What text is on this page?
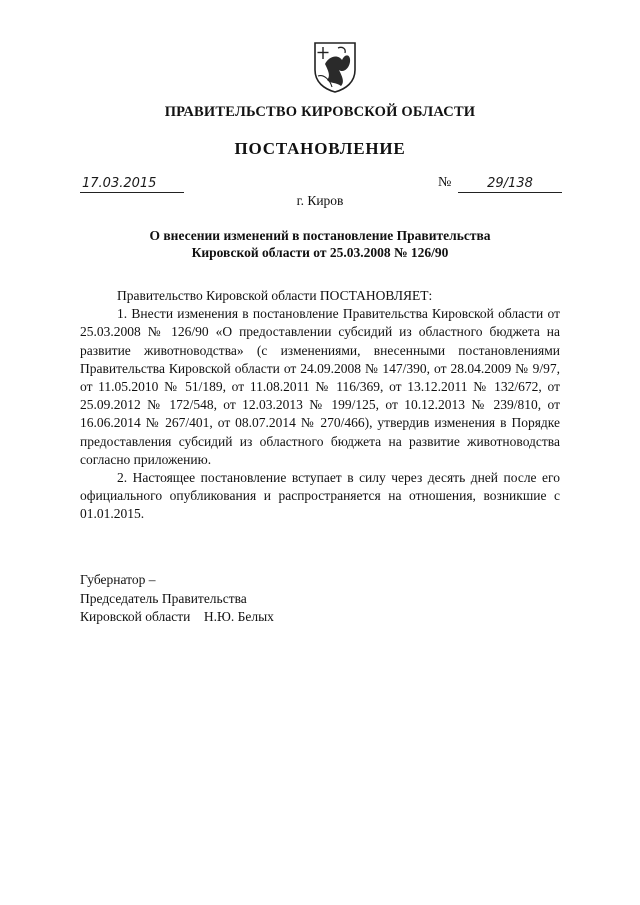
ПРАВИТЕЛЬСТВО КИРОВСКОЙ ОБЛАСТИ
ПОСТАНОВЛЕНИЕ
17.03.2015	№	29/138
г. Киров
О внесении изменений в постановление Правительства
Кировской области от 25.03.2008 № 126/90

Правительство Кировской области ПОСТАНОВЛЯЕТ:

1. Внести изменения в постановление Правительства Кировской области от 25.03.2008 № 126/90 «О предоставлении субсидий из областного бюджета на развитие животноводства» (с изменениями, внесенными постановлениями Правительства Кировской области от 24.09.2008 № 147/390, от 28.04.2009 № 9/97, от 11.05.2010 № 51/189, от 11.08.2011 № 116/369, от 13.12.2011 № 132/672, от 25.09.2012 № 172/548, от 12.03.2013 № 199/125, от 10.12.2013 № 239/810, от 16.06.2014 № 267/401, от 08.07.2014 № 270/466), утвердив изменения в Порядке предоставления субсидий из областного бюджета на развитие животноводства согласно приложению.

2. Настоящее постановление вступает в силу через десять дней после его официального опубликования и распространяется на отношения, возникшие с 01.01.2015.

Губернатор –
Председатель Правительства
Кировской области Н.Ю. Белых
